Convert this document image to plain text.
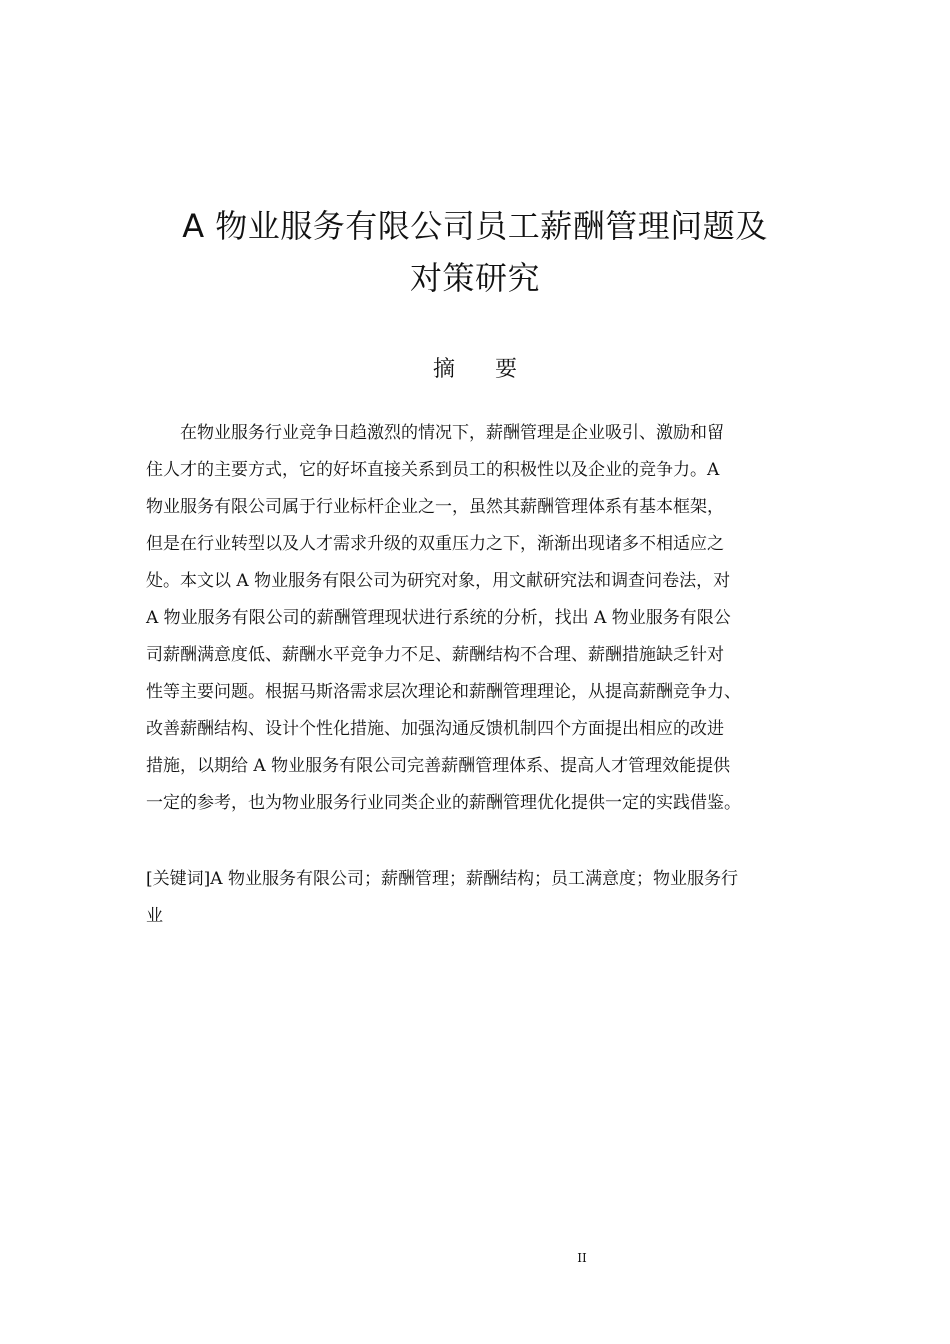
A 物业服务有限公司员工薪酬管理问题及
对策研究
摘 要
在物业服务行业竞争日趋激烈的情况下，薪酬管理是企业吸引、激励和留
住人才的主要方式，它的好坏直接关系到员工的积极性以及企业的竞争力。A
物业服务有限公司属于行业标杆企业之一，虽然其薪酬管理体系有基本框架，
但是在行业转型以及人才需求升级的双重压力之下，渐渐出现诸多不相适应之
处。本文以 A 物业服务有限公司为研究对象，用文献研究法和调查问卷法，对
A 物业服务有限公司的薪酬管理现状进行系统的分析，找出 A 物业服务有限公
司薪酬满意度低、薪酬水平竞争力不足、薪酬结构不合理、薪酬措施缺乏针对
性等主要问题。根据马斯洛需求层次理论和薪酬管理理论，从提高薪酬竞争力、
改善薪酬结构、设计个性化措施、加强沟通反馈机制四个方面提出相应的改进
措施，以期给 A 物业服务有限公司完善薪酬管理体系、提高人才管理效能提供
一定的参考，也为物业服务行业同类企业的薪酬管理优化提供一定的实践借鉴。
[关键词]A 物业服务有限公司；薪酬管理；薪酬结构；员工满意度；物业服务行
业
II
